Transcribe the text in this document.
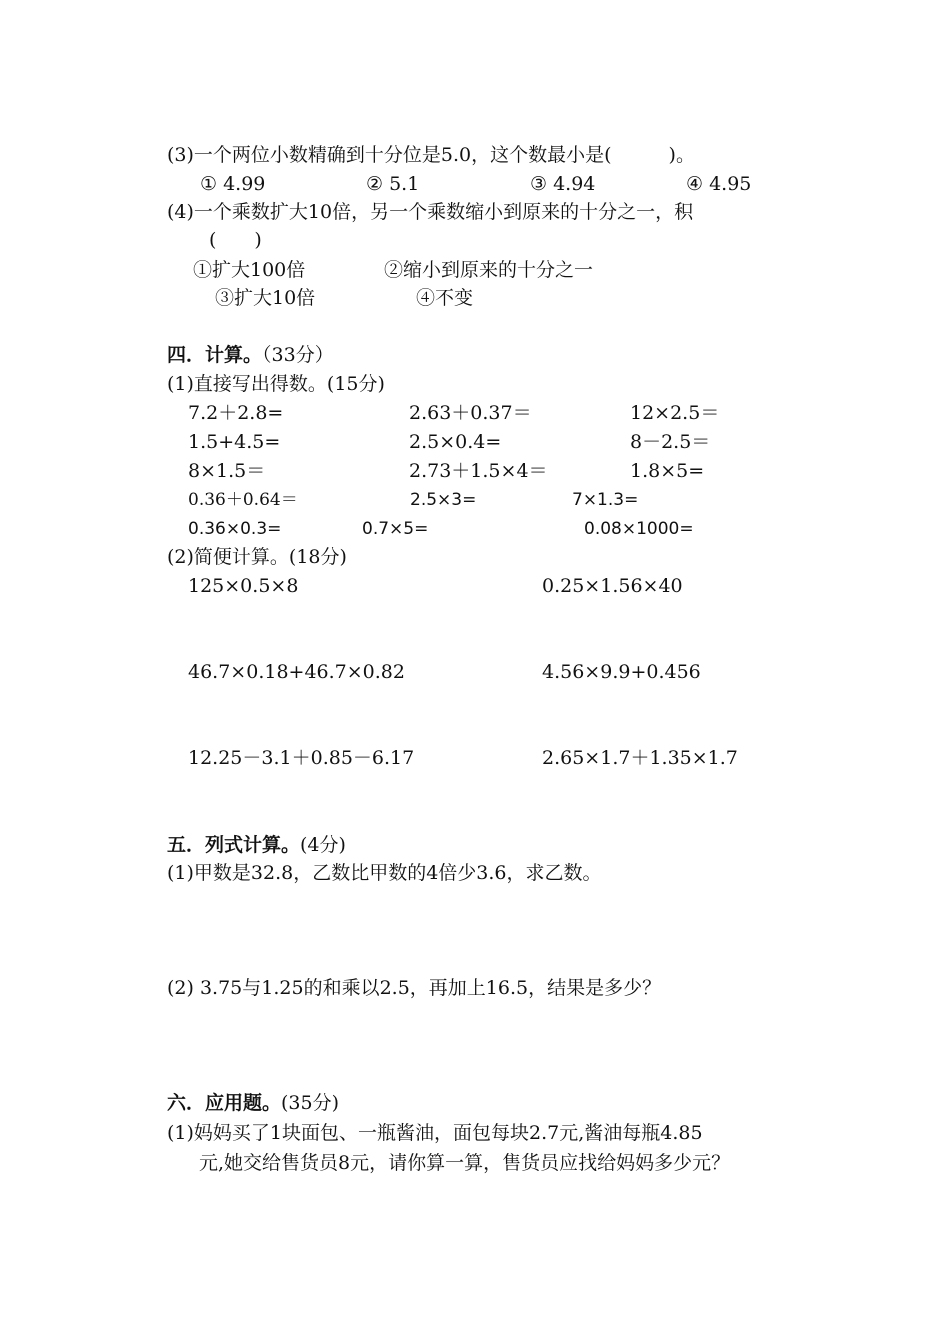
(3)一个两位小数精确到十分位是5.0，这个数最小是(　　　)。
① 4.99	② 5.1	③ 4.94	④ 4.95
(4)一个乘数扩大10倍，另一个乘数缩小到原来的十分之一，积
(　　)
①扩大100倍	②缩小到原来的十分之一
③扩大10倍	④不变
四．计算。（33分）
(1)直接写出得数。(15分)
7.2＋2.8=	2.63＋0.37＝	12×2.5＝
1.5+4.5=	2.5×0.4=	8－2.5＝
8×1.5＝	2.73＋1.5×4＝	1.8×5=
0.36＋0.64＝	2.5×3=	7×1.3=
0.36×0.3=	0.7×5=	0.08×1000=
(2)简便计算。(18分)
125×0.5×8	0.25×1.56×40
46.7×0.18+46.7×0.82	4.56×9.9+0.456
12.25－3.1＋0.85－6.17	2.65×1.7＋1.35×1.7
五．列式计算。(4分)
(1)甲数是32.8，乙数比甲数的4倍少3.6，求乙数。
(2) 3.75与1.25的和乘以2.5，再加上16.5，结果是多少？
六．应用题。(35分)
(1)妈妈买了1块面包、一瓶酱油，面包每块2.7元,酱油每瓶4.85
元,她交给售货员8元，请你算一算，售货员应找给妈妈多少元？
